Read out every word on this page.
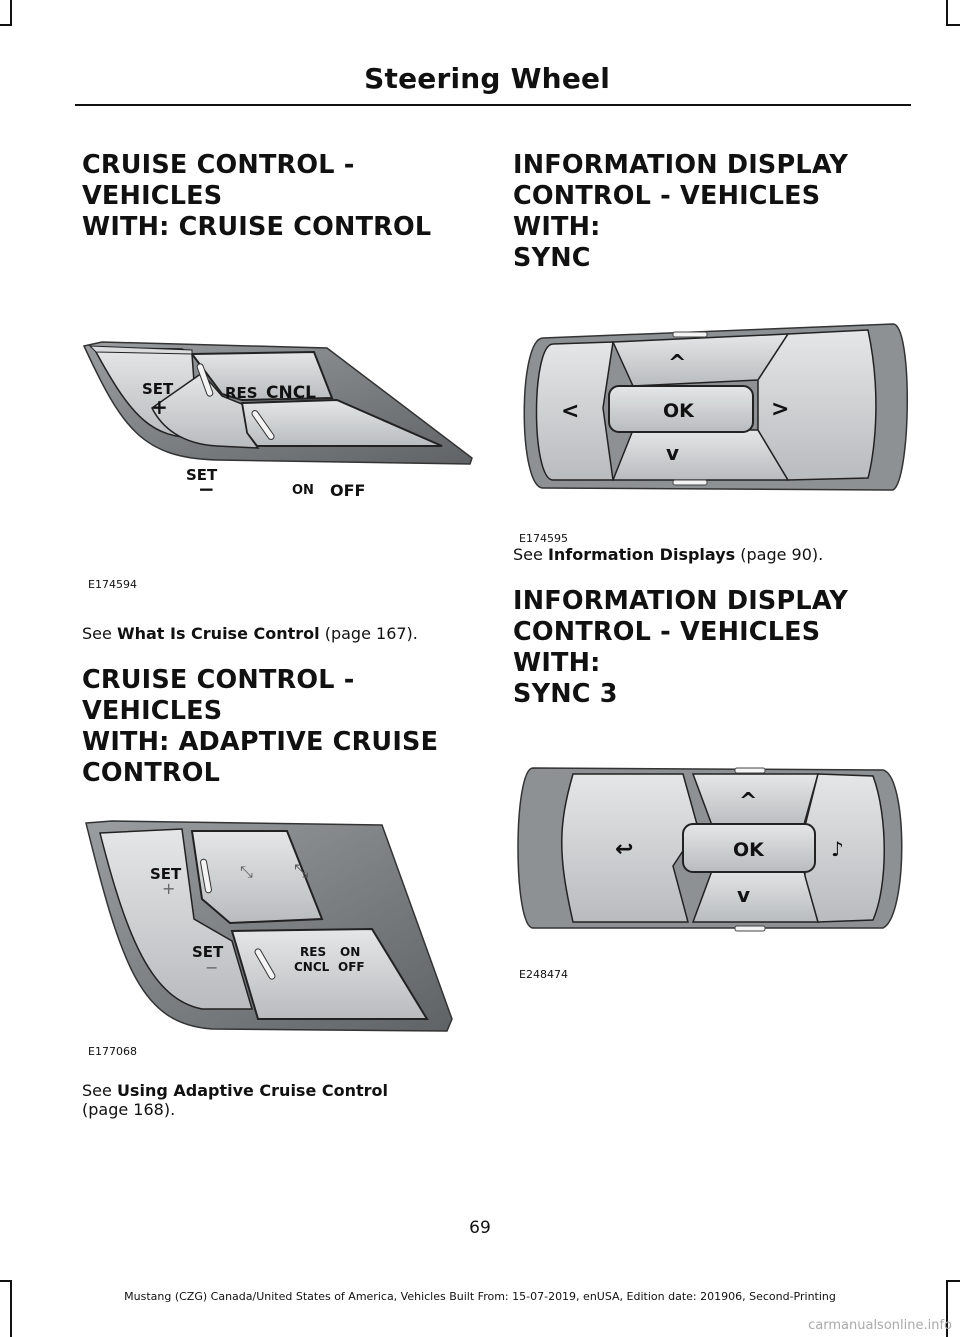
Steering Wheel
CRUISE CONTROL - VEHICLES
WITH: CRUISE CONTROL
SET
+
RES CNCL
SET
−	ON OFF
E174594

See What Is Cruise Control (page 167).

CRUISE CONTROL - VEHICLES
WITH: ADAPTIVE CRUISE
CONTROL
SET
+
⤡ ⤡
SET
−
RES ON
CNCL OFF
E177068

See Using Adaptive Cruise Control
(page 168).

INFORMATION DISPLAY
CONTROL - VEHICLES WITH:
SYNC
OK
^
v
<	>
E174595

See Information Displays (page 90).

INFORMATION DISPLAY
CONTROL - VEHICLES WITH:
SYNC 3
OK
^
v
↩	♪
E248474
69
Mustang (CZG) Canada/United States of America, Vehicles Built From: 15-07-2019, enUSA, Edition date: 201906, Second-Printing
carmanualsonline.info
